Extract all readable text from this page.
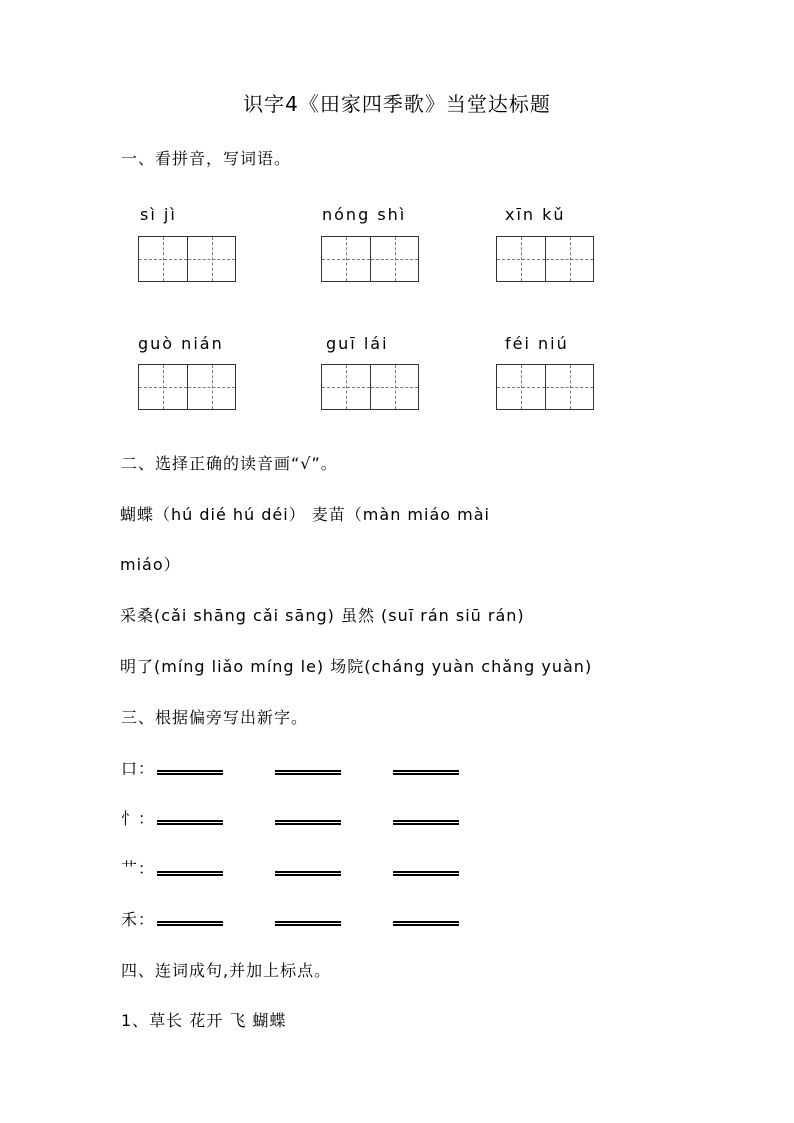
识字4《田家四季歌》当堂达标题
一、看拼音，写词语。
sì jì	nóng shì	xīn kǔ
guò nián	guī lái	féi niú
二、选择正确的读音画“√”。
蝴蝶（hú dié hú déi） 麦苗（màn miáo mài
miáo）
采桑(cǎi shāng cǎi sāng) 虽然 (suī rán siū rán)
明了(míng liǎo míng le) 场院(cháng yuàn chǎng yuàn)
三、根据偏旁写出新字。
口：
忄：
艹：
禾：
四、连词成句,并加上标点。
1、草长 花开 飞 蝴蝶
